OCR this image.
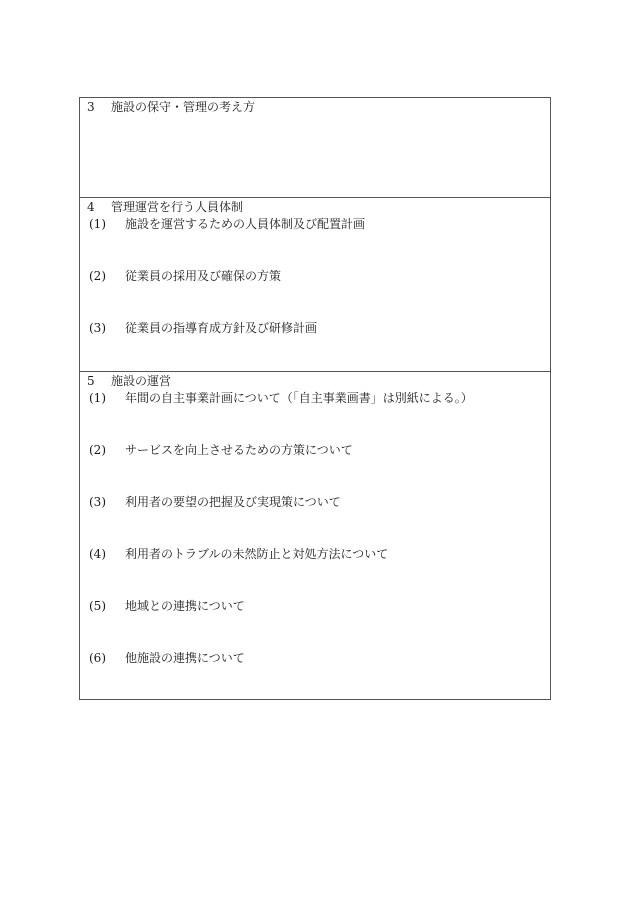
3 施設の保守・管理の考え方
4 管理運営を行う人員体制
(1) 施設を運営するための人員体制及び配置計画
(2) 従業員の採用及び確保の方策
(3) 従業員の指導育成方針及び研修計画
5 施設の運営
(1) 年間の自主事業計画について（「自主事業画書」は別紙による。）
(2) サービスを向上させるための方策について
(3) 利用者の要望の把握及び実現策について
(4) 利用者のトラブルの未然防止と対処方法について
(5) 地域との連携について
(6) 他施設の連携について
